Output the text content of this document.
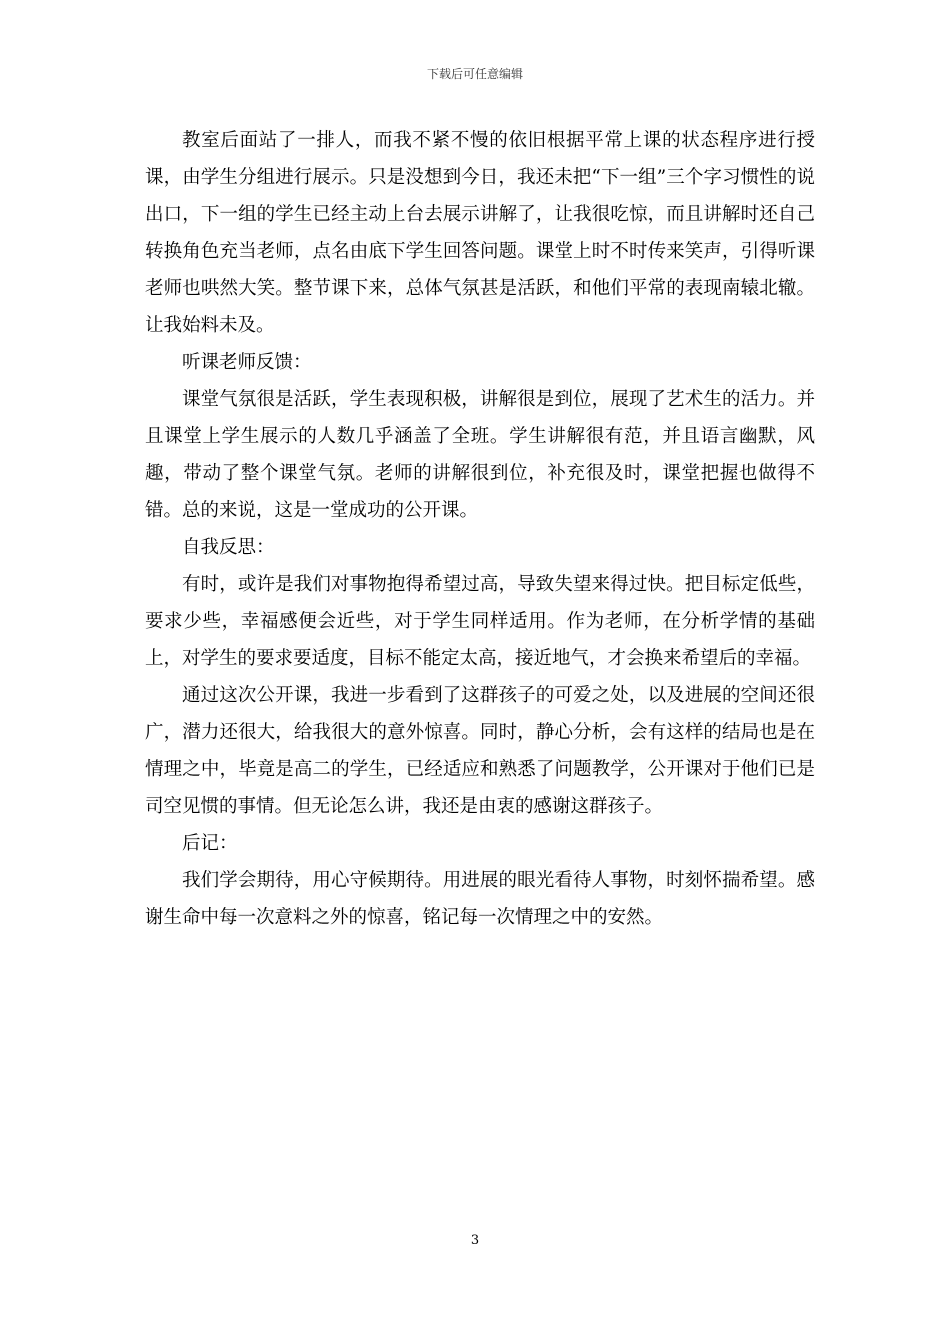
下载后可任意编辑

教室后面站了一排人，而我不紧不慢的依旧根据平常上课的状态程序进行授课，由学生分组进行展示。只是没想到今日，我还未把“下一组”三个字习惯性的说出口，下一组的学生已经主动上台去展示讲解了，让我很吃惊，而且讲解时还自己转换角色充当老师，点名由底下学生回答问题。课堂上时不时传来笑声，引得听课老师也哄然大笑。整节课下来，总体气氛甚是活跃，和他们平常的表现南辕北辙。让我始料未及。

听课老师反馈：

课堂气氛很是活跃，学生表现积极，讲解很是到位，展现了艺术生的活力。并且课堂上学生展示的人数几乎涵盖了全班。学生讲解很有范，并且语言幽默，风趣，带动了整个课堂气氛。老师的讲解很到位，补充很及时，课堂把握也做得不错。总的来说，这是一堂成功的公开课。

自我反思：

有时，或许是我们对事物抱得希望过高，导致失望来得过快。把目标定低些，要求少些，幸福感便会近些，对于学生同样适用。作为老师，在分析学情的基础上，对学生的要求要适度，目标不能定太高，接近地气，才会换来希望后的幸福。

通过这次公开课，我进一步看到了这群孩子的可爱之处，以及进展的空间还很广，潜力还很大，给我很大的意外惊喜。同时，静心分析，会有这样的结局也是在情理之中，毕竟是高二的学生，已经适应和熟悉了问题教学，公开课对于他们已是司空见惯的事情。但无论怎么讲，我还是由衷的感谢这群孩子。

后记：

我们学会期待，用心守候期待。用进展的眼光看待人事物，时刻怀揣希望。感谢生命中每一次意料之外的惊喜，铭记每一次情理之中的安然。

3
